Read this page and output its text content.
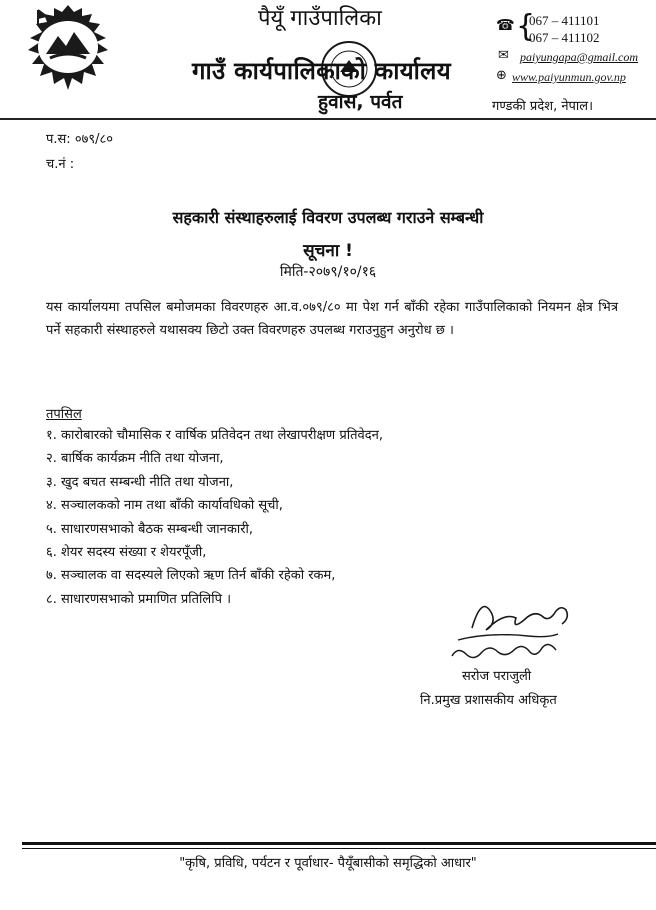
पैयूँ गाउँपालिका
गाउँ कार्यपालिकाको कार्यालय
हुवास, पर्वत
☎ {
067 – 411101
067 – 411102
✉ paiyungapa@gmail.com
⊕ www.paiyunmun.gov.np
गण्डकी प्रदेश, नेपाल।
प.स: ०७९/८०
च.नं :
सहकारी संस्थाहरुलाई विवरण उपलब्ध गराउने सम्बन्धी
सूचना !
मिति-२०७९/१०/१६
यस कार्यालयमा तपसिल बमोजमका विवरणहरु आ.व.०७९/८० मा पेश गर्न बाँकी रहेका गाउँपालिकाको नियमन क्षेत्र भित्र पर्ने सहकारी संस्थाहरुले यथासक्य छिटो उक्त विवरणहरु उपलब्ध गराउनुहुन अनुरोध छ ।
तपसिल
१. कारोबारको चौमासिक र वार्षिक प्रतिवेदन तथा लेखापरीक्षण प्रतिवेदन,
२. बार्षिक कार्यक्रम नीति तथा योजना,
३. खुद बचत सम्बन्धी नीति तथा योजना,
४. सञ्चालकको नाम तथा बाँकी कार्यावधिको सूची,
५. साधारणसभाको बैठक सम्बन्धी जानकारी,
६. शेयर सदस्य संख्या र शेयरपूँजी,
७. सञ्चालक वा सदस्यले लिएको ऋण तिर्न बाँकी रहेको रकम,
८. साधारणसभाको प्रमाणित प्रतिलिपि ।
सरोज पराजुली
नि.प्रमुख प्रशासकीय अधिकृत
"कृषि, प्रविधि, पर्यटन र पूर्वाधार- पैयूँबासीको समृद्धिको आधार"
